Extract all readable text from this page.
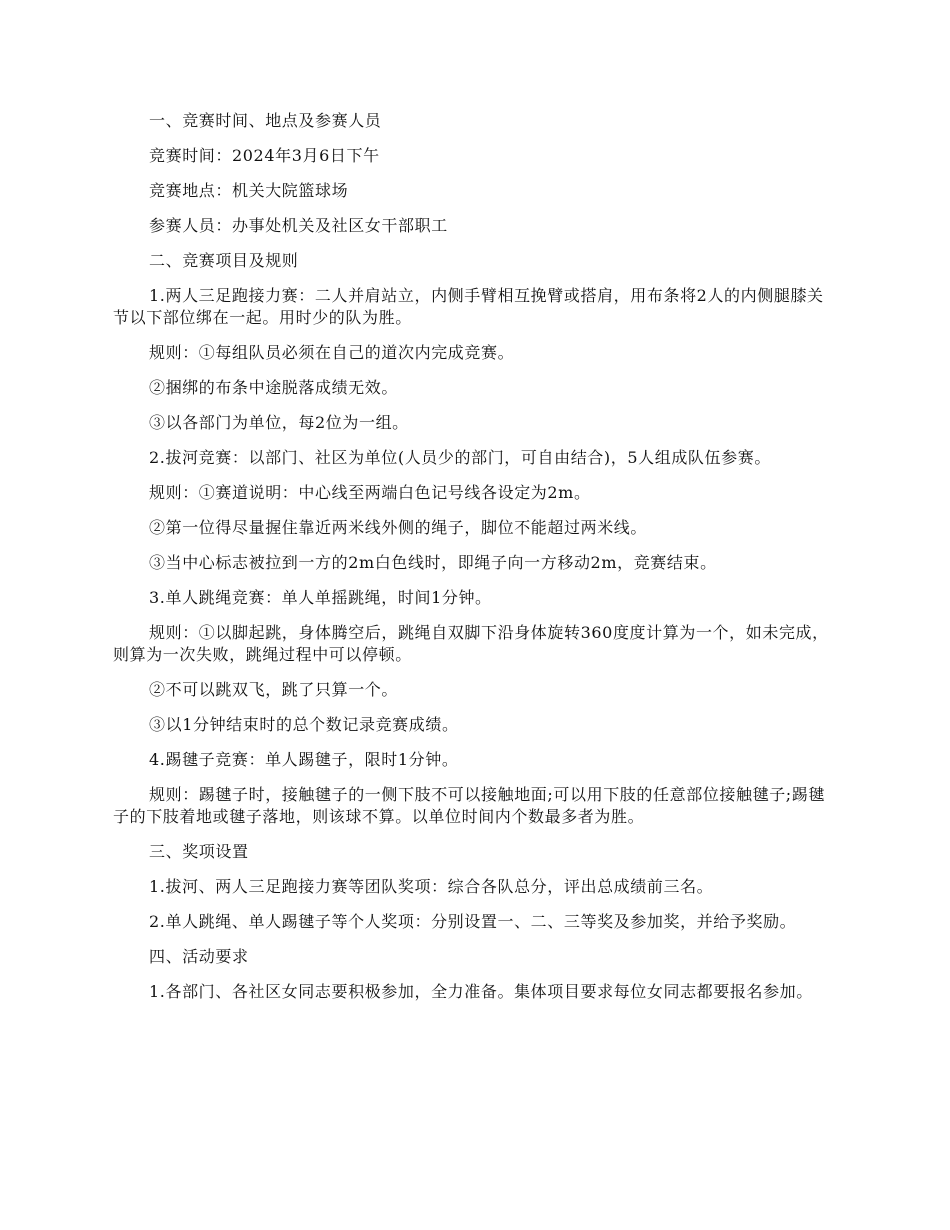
一、竞赛时间、地点及参赛人员

竞赛时间：2024年3月6日下午

竞赛地点：机关大院篮球场

参赛人员：办事处机关及社区女干部职工

二、竞赛项目及规则

1.两人三足跑接力赛：二人并肩站立，内侧手臂相互挽臂或搭肩，用布条将2人的内侧腿膝关节以下部位绑在一起。用时少的队为胜。

规则：①每组队员必须在自己的道次内完成竞赛。

②捆绑的布条中途脱落成绩无效。

③以各部门为单位，每2位为一组。

2.拔河竞赛：以部门、社区为单位(人员少的部门，可自由结合)，5人组成队伍参赛。

规则：①赛道说明：中心线至两端白色记号线各设定为2m。

②第一位得尽量握住靠近两米线外侧的绳子，脚位不能超过两米线。

③当中心标志被拉到一方的2m白色线时，即绳子向一方移动2m，竞赛结束。

3.单人跳绳竞赛：单人单摇跳绳，时间1分钟。

规则：①以脚起跳，身体腾空后，跳绳自双脚下沿身体旋转360度度计算为一个，如未完成，则算为一次失败，跳绳过程中可以停顿。

②不可以跳双飞，跳了只算一个。

③以1分钟结束时的总个数记录竞赛成绩。

4.踢毽子竞赛：单人踢毽子，限时1分钟。

规则：踢毽子时，接触毽子的一侧下肢不可以接触地面;可以用下肢的任意部位接触毽子;踢毽子的下肢着地或毽子落地，则该球不算。以单位时间内个数最多者为胜。

三、奖项设置

1.拔河、两人三足跑接力赛等团队奖项：综合各队总分，评出总成绩前三名。

2.单人跳绳、单人踢毽子等个人奖项：分别设置一、二、三等奖及参加奖，并给予奖励。

四、活动要求

1.各部门、各社区女同志要积极参加，全力准备。集体项目要求每位女同志都要报名参加。
